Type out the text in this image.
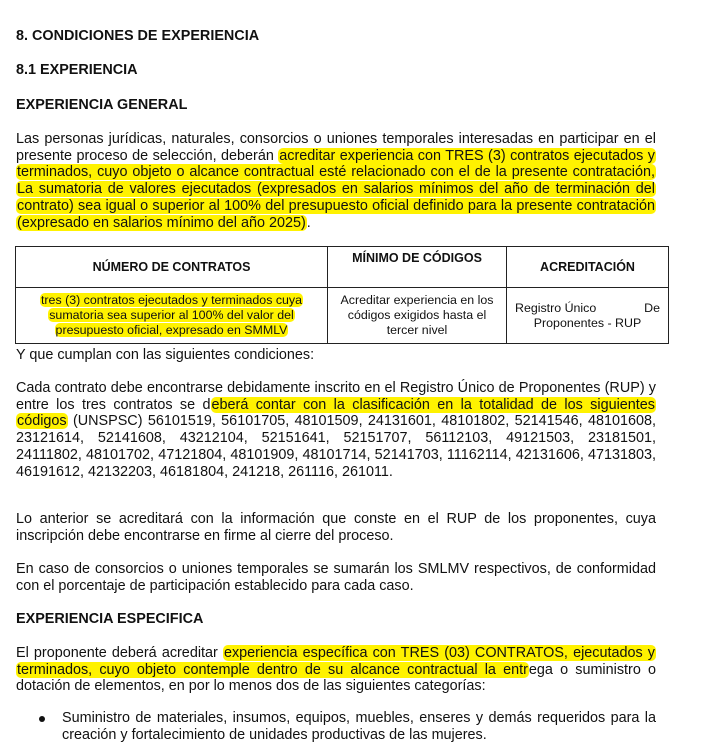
8. CONDICIONES DE EXPERIENCIA
8.1 EXPERIENCIA
EXPERIENCIA GENERAL

Las personas jurídicas, naturales, consorcios o uniones temporales interesadas en participar en el presente proceso de selección, deberán acreditar experiencia con TRES (3) contratos ejecutados y terminados, cuyo objeto o alcance contractual esté relacionado con el de la presente contratación, La sumatoria de valores ejecutados (expresados en salarios mínimos del año de terminación del contrato) sea igual o superior al 100% del presupuesto oficial definido para la presente contratación (expresado en salarios mínimo del año 2025).

NÚMERO DE CONTRATOS	MÍNIMO DE CÓDIGOS	ACREDITACIÓN
tres (3) contratos ejecutados y terminados cuya sumatoria sea superior al 100% del valor del presupuesto oficial, expresado en SMMLV	Acreditar experiencia en los códigos exigidos hasta el tercer nivel	Registro Único De
Proponentes - RUP

Y que cumplan con las siguientes condiciones:

Cada contrato debe encontrarse debidamente inscrito en el Registro Único de Proponentes (RUP) y entre los tres contratos se deberá contar con la clasificación en la totalidad de los siguientes códigos (UNSPSC) 56101519, 56101705, 48101509, 24131601, 48101802, 52141546, 48101608, 23121614, 52141608, 43212104, 52151641, 52151707, 56112103, 49121503, 23181501, 24111802, 48101702, 47121804, 48101909, 48101714, 52141703, 11162114, 42131606, 47131803, 46191612, 42132203, 46181804, 241218, 261116, 261011.

Lo anterior se acreditará con la información que conste en el RUP de los proponentes, cuya inscripción debe encontrarse en firme al cierre del proceso.

En caso de consorcios o uniones temporales se sumarán los SMLMV respectivos, de conformidad con el porcentaje de participación establecido para cada caso.

EXPERIENCIA ESPECIFICA

El proponente deberá acreditar experiencia específica con TRES (03) CONTRATOS, ejecutados y terminados, cuyo objeto contemple dentro de su alcance contractual la entrega o suministro o dotación de elementos, en por lo menos dos de las siguientes categorías:

Suministro de materiales, insumos, equipos, muebles, enseres y demás requeridos para la creación y fortalecimiento de unidades productivas de las mujeres.
